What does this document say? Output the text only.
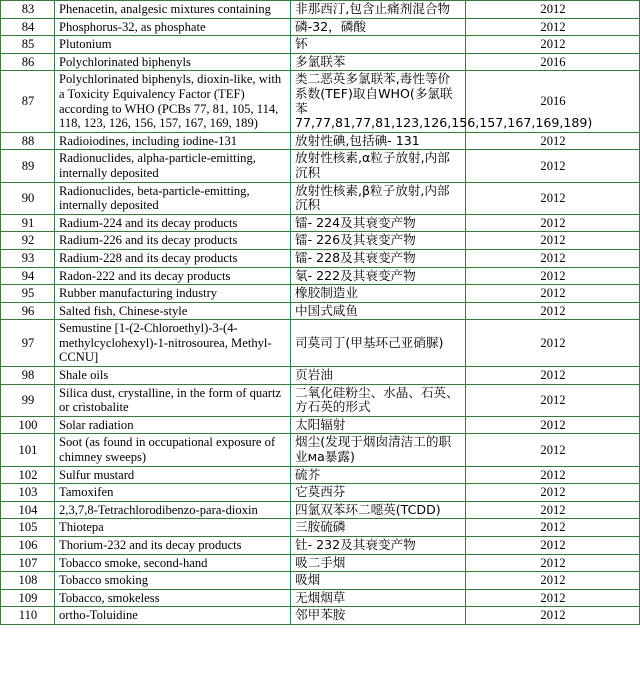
83	Phenacetin, analgesic mixtures containing	非那西汀,包含止痛剂混合物	2012
84	Phosphorus-32, as phosphate	磷-32，磷酸	2012
85	Plutonium	钚	2012
86	Polychlorinated biphenyls	多氯联苯	2016
87	Polychlorinated biphenyls, dioxin-like, with a Toxicity Equivalency Factor (TEF) according to WHO (PCBs 77, 81, 105, 114, 118, 123, 126, 156, 157, 167, 169, 189)	类二恶英多氯联苯,毒性等价系数(TEF)取自WHO(多氯联苯77,77,81,77,81,123,126,156,157,167,169,189)	2016
88	Radioiodines, including iodine-131	放射性碘,包括碘- 131	2012
89	Radionuclides, alpha-particle-emitting, internally deposited	放射性核素,α粒子放射,内部沉积	2012
90	Radionuclides, beta-particle-emitting, internally deposited	放射性核素,β粒子放射,内部沉积	2012
91	Radium-224 and its decay products	镭- 224及其衰变产物	2012
92	Radium-226 and its decay products	镭- 226及其衰变产物	2012
93	Radium-228 and its decay products	镭- 228及其衰变产物	2012
94	Radon-222 and its decay products	氡- 222及其衰变产物	2012
95	Rubber manufacturing industry	橡胶制造业	2012
96	Salted fish, Chinese-style	中国式咸鱼	2012
97	Semustine [1-(2-Chloroethyl)-3-(4-methylcyclohexyl)-1-nitrosourea, Methyl-CCNU]	司莫司丁(甲基环己亚硝脲)	2012
98	Shale oils	页岩油	2012
99	Silica dust, crystalline, in the form of quartz or cristobalite	二氧化硅粉尘、水晶、石英、方石英的形式	2012
100	Solar radiation	太阳辐射	2012
101	Soot (as found in occupational exposure of chimney sweeps)	烟尘(发现于烟囱清洁工的职业ма暴露)	2012
102	Sulfur mustard	硫芥	2012
103	Tamoxifen	它莫西芬	2012
104	2,3,7,8-Tetrachlorodibenzo-para-dioxin	四氯双苯环二噁英(TCDD)	2012
105	Thiotepa	三胺硫磷	2012
106	Thorium-232 and its decay products	钍- 232及其衰变产物	2012
107	Tobacco smoke, second-hand	吸二手烟	2012
108	Tobacco smoking	吸烟	2012
109	Tobacco, smokeless	无烟烟草	2012
110	ortho-Toluidine	邻甲苯胺	2012
